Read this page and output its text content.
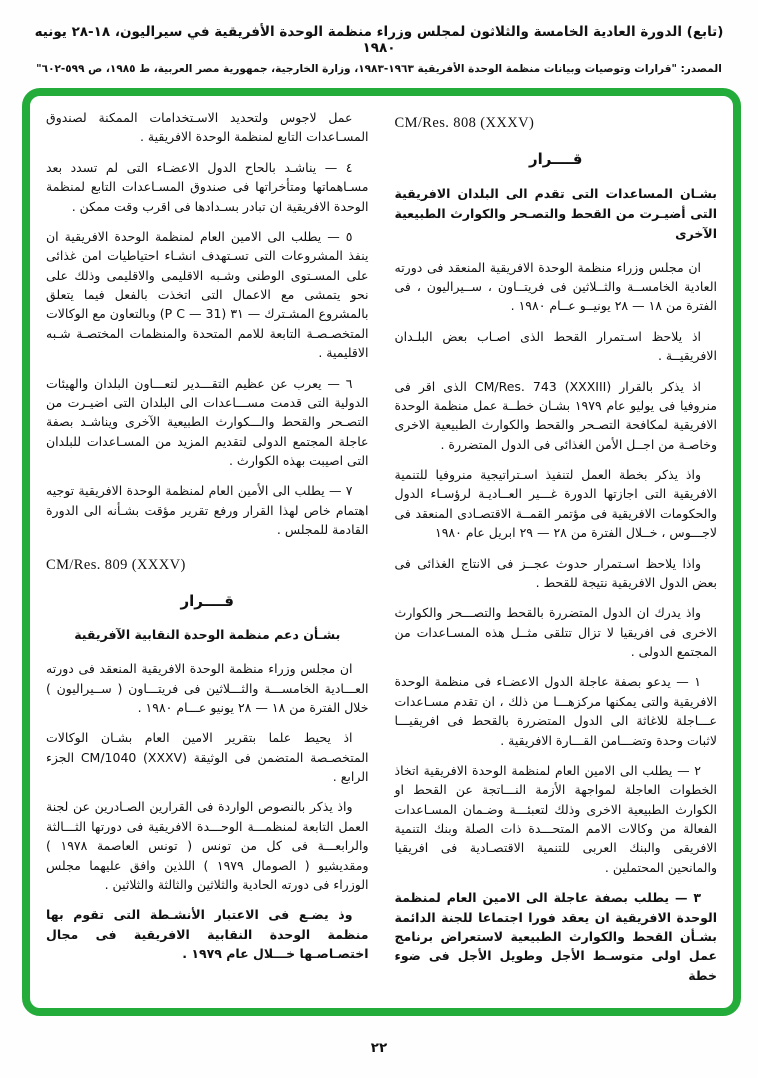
(تابع) الدورة العادية الخامسة والثلاثون لمجلس وزراء منظمة الوحدة الأفريقية في سيراليون، ١٨-٢٨ يونيه ١٩٨٠
المصدر: "قرارات وتوصيات وبيانات منظمة الوحدة الأفريقية ١٩٦٣-١٩٨٣، وزارة الخارجية، جمهورية مصر العربية، ط ١٩٨٥، ص ٥٩٩-٦٠٢"
CM/Res. 808 (XXXV)
قــــرار
بشـان المساعدات التى تقدم الى البلدان الافريقية التى أضيـرت من القحط والتصـحر والكوارث الطبيعية الآخرى

ان مجلس وزراء منظمة الوحدة الافريقية المنعقد فى دورته العادية الخامســة والثــلاثين فى فريتــاون ، ســيراليون ، فى الفترة من ١٨ — ٢٨ يونيــو عــام ١٩٨٠ .

اذ يلاحظ اسـتمرار القحط الذى اصـاب بعض البلـدان الافريقيــة .

اذ يذكر بالقرار ‎CM/Res. 743 (XXXIII)‎ الذى اقر فى منروفيا فى يوليو عام ١٩٧٩ بشـان خطــة عمل منظمة الوحدة الافريقية لمكافحة التصـحر والقحط والكوارث الطبيعية الاخرى وخاصـة من اجــل الأمن الغذائى فى الدول المتضررة .

واذ يذكر بخطة العمل لتنفيذ اسـتراتيجية منروفيا للتنمية الافريقية التى اجازتها الدورة غـــير العــاديـة لرؤسـاء الدول والحكومات الافريقية فى مؤتمر القمــة الاقتصـادى المنعقد فى لاجـــوس ، خــلال الفترة من ٢٨ — ٢٩ ابريل عام ١٩٨٠

واذا يلاحظ اسـتمرار حدوث عجــز فى الانتاج الغذائى فى بعض الدول الافريقية نتيجة للقحط .

واذ يدرك ان الدول المتضررة بالقحط والتصـــحر والكوارث الاخرى فى افريقيا لا تزال تتلقى مثــل هذه المسـاعدات من المجتمع الدولى .

١ — يدعو بصفة عاجلة الدول الاعضـاء فى منظمة الوحدة الافريقية والتى يمكنها مركزهـــا من ذلك ، ان تقدم مسـاعدات عـــاجلة للاغاثة الى الدول المتضررة بالقحط فى افريقيـــا لاثبات وحدة وتضـــامن القـــارة الافريقية .

٢ — يطلب الى الامين العام لمنظمة الوحدة الافريقية اتخاذ الخطوات العاجلة لمواجهة الأزمة النـــاتجة عن القحط او الكوارث الطبيعية الاخرى وذلك لتعبئـــة وضـمان المسـاعدات الفعالة من وكالات الامم المتحـــدة ذات الصلة وبنك التنمية الافريقى والبنك العربى للتنمية الاقتصـادية فى افريقيا والمانحين المحتملين .

٣ — يطلب بصفة عاجلة الى الامين العام لمنظمة الوحدة الافريقية ان يعقد فورا اجتماعا للجنة الدائمة بشـأن القحط والكوارث الطبيعية لاستعراض برنامج عمل اولى متوسـط الأجل وطويل الأجل فى ضوء خطة

عمل لاجوس ولتحديد الاسـتخدامات الممكنة لصندوق المسـاعدات التابع لمنظمة الوحدة الافريقية .

٤ — يناشـد بالحاح الدول الاعضـاء التى لم تسدد بعد مسـاهماتها ومتأخراتها فى صندوق المسـاعدات التابع لمنظمة الوحدة الافريقية ان تبادر بسـدادها فى اقرب وقت ممكن .

٥ — يطلب الى الامين العام لمنظمة الوحدة الافريقية ان ينفذ المشروعات التى تسـتهدف انشـاء احتياطيات امن غذائى على المسـتوى الوطنى وشـبه الاقليمى والاقليمى وذلك على نحو يتمشى مع الاعمال التى اتخذت بالفعل فيما يتعلق بالمشروع المشـترك — ٣١ ‎(P C — 31)‎ وبالتعاون مع الوكالات المتخصـصـة التابعة للامم المتحدة والمنظمات المختصـة شـبه الاقليمية .

٦ — يعرب عن عظيم التقـــدير لتعـــاون البلدان والهيئات الدولية التى قدمت مســـاعدات الى البلدان التى اضيـرت من التصـحر والقحط والـــكوارث الطبيعية الآخرى ويناشـد بصفة عاجلة المجتمع الدولى لتقديم المزيد من المسـاعدات للبلدان التى اصيبت بهذه الكوارث .

٧ — يطلب الى الأمين العام لمنظمة الوحدة الافريقية توجيه اهتمام خاص لهذا القرار ورفع تقرير مؤقت بشـأنه الى الدورة القادمة للمجلس .

CM/Res. 809 (XXXV)
قــــرار
بشـأن دعم منظمة الوحدة النقابية الآفريقية

ان مجلس وزراء منظمة الوحدة الافريقية المنعقد فى دورته العـــادية الخامســـة والثـــلاثين فى فريتـــاون ( ســيراليون ) خلال الفترة من ١٨ — ٢٨ يونيو عـــام ١٩٨٠ .

اذ يحيط علما بتقرير الامين العام بشـان الوكالات المتخصـصة المتضمن فى الوثيقة ‎CM/1040 (XXXV)‎ الجزء الرابع .

واذ يذكر بالنصوص الواردة فى القرارين الصـادرين عن لجنة العمل التابعة لمنظمـــة الوحـــدة الافريقية فى دورتها الثـــالثة والرابعـــة فى كل من تونس ( تونس العاصمة ١٩٧٨ ) ومقديشيو ( الصومال ١٩٧٩ ) اللذين وافق عليهما مجلس الوزراء فى دورته الحادية والثلاثين والثالثة والثلاثين .

وذ يضـع فى الاعتبار الأنشـطة التى تقوم بها منظمة الوحدة النقابية الافريقية فى مجال اختصـاصـها خـــلال عام ١٩٧٩ .

٢٢
